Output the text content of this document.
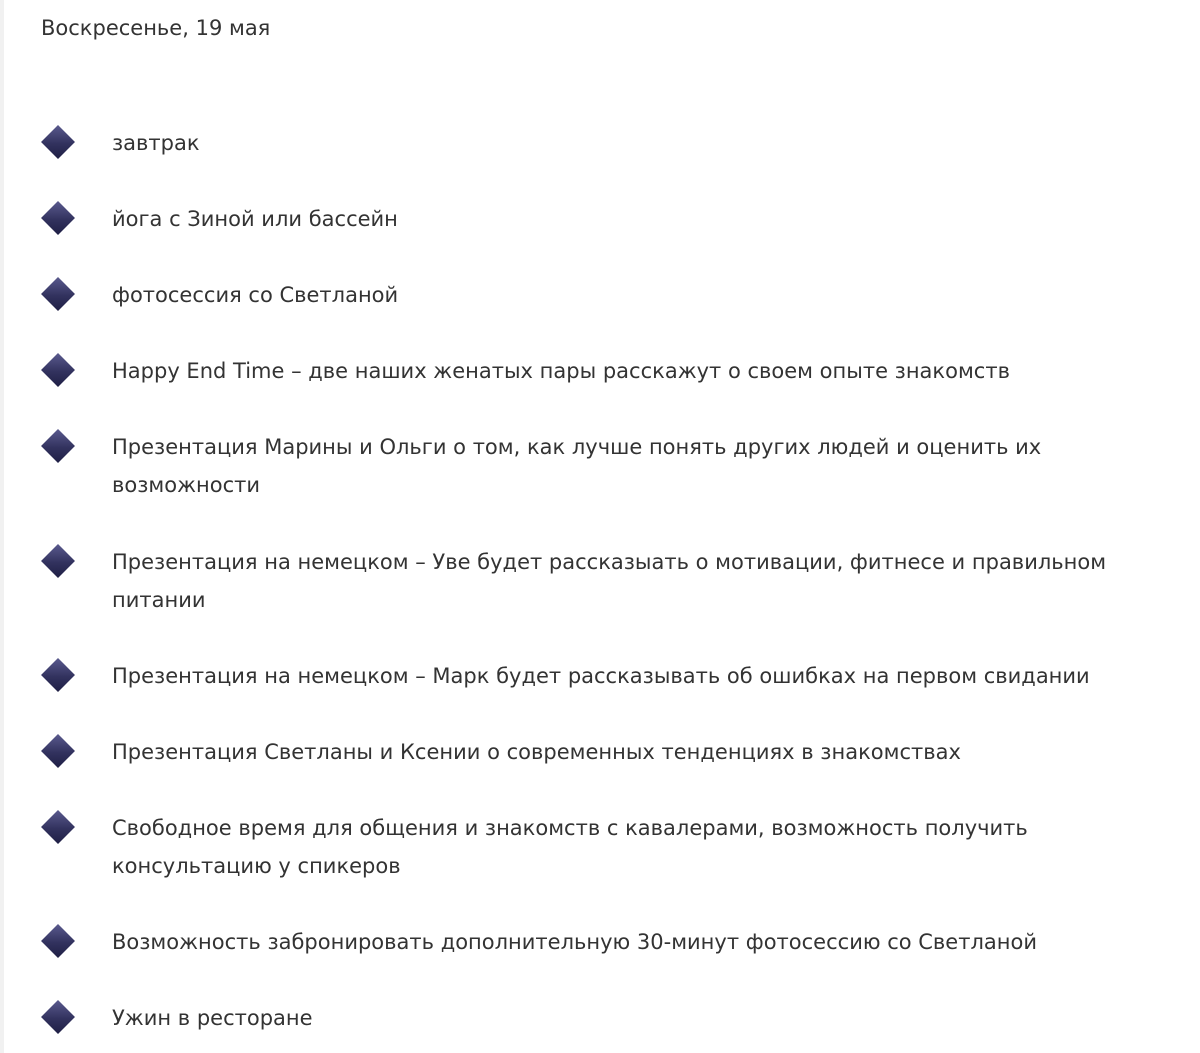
Воскресенье, 19 мая
завтрак
йога с Зиной или бассейн
фотосессия со Светланой
Happy End Time – две наших женатых пары расскажут о своем опыте знакомств
Презентация Марины и Ольги о том, как лучше понять других людей и оценить их
возможности
Презентация на немецком – Уве будет рассказыать о мотивации, фитнесе и правильном
питании
Презентация на немецком – Марк будет рассказывать об ошибках на первом свидании
Презентация Светланы и Ксении о современных тенденциях в знакомствах
Свободное время для общения и знакомств с кавалерами, возможность получить
консультацию у спикеров
Возможность забронировать дополнительную 30-минут фотосессию со Светланой
Ужин в ресторане
